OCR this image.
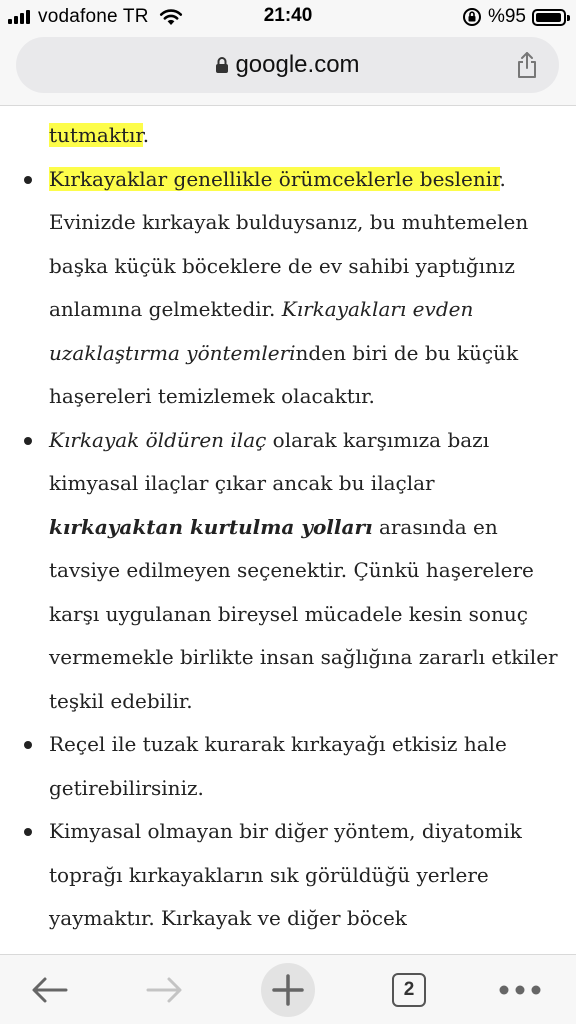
vodafone TR	21:40	%95
google.com
tutmaktır.
Kırkayaklar genellikle örümceklerle beslenir. Evinizde kırkayak bulduysanız, bu muhtemelen başka küçük böceklere de ev sahibi yaptığınız anlamına gelmektedir. Kırkayakları evden uzaklaştırma yöntemlerinden biri de bu küçük haşereleri temizlemek olacaktır.
Kırkayak öldüren ilaç olarak karşımıza bazı kimyasal ilaçlar çıkar ancak bu ilaçlar kırkayaktan kurtulma yolları arasında en tavsiye edilmeyen seçenektir. Çünkü haşerelere karşı uygulanan bireysel mücadele kesin sonuç vermemekle birlikte insan sağlığına zararlı etkiler teşkil edebilir.
Reçel ile tuzak kurarak kırkayağı etkisiz hale getirebilirsiniz.
Kimyasal olmayan bir diğer yöntem, diyatomik toprağı kırkayakların sık görüldüğü yerlere yaymaktır. Kırkayak ve diğer böcek
2
